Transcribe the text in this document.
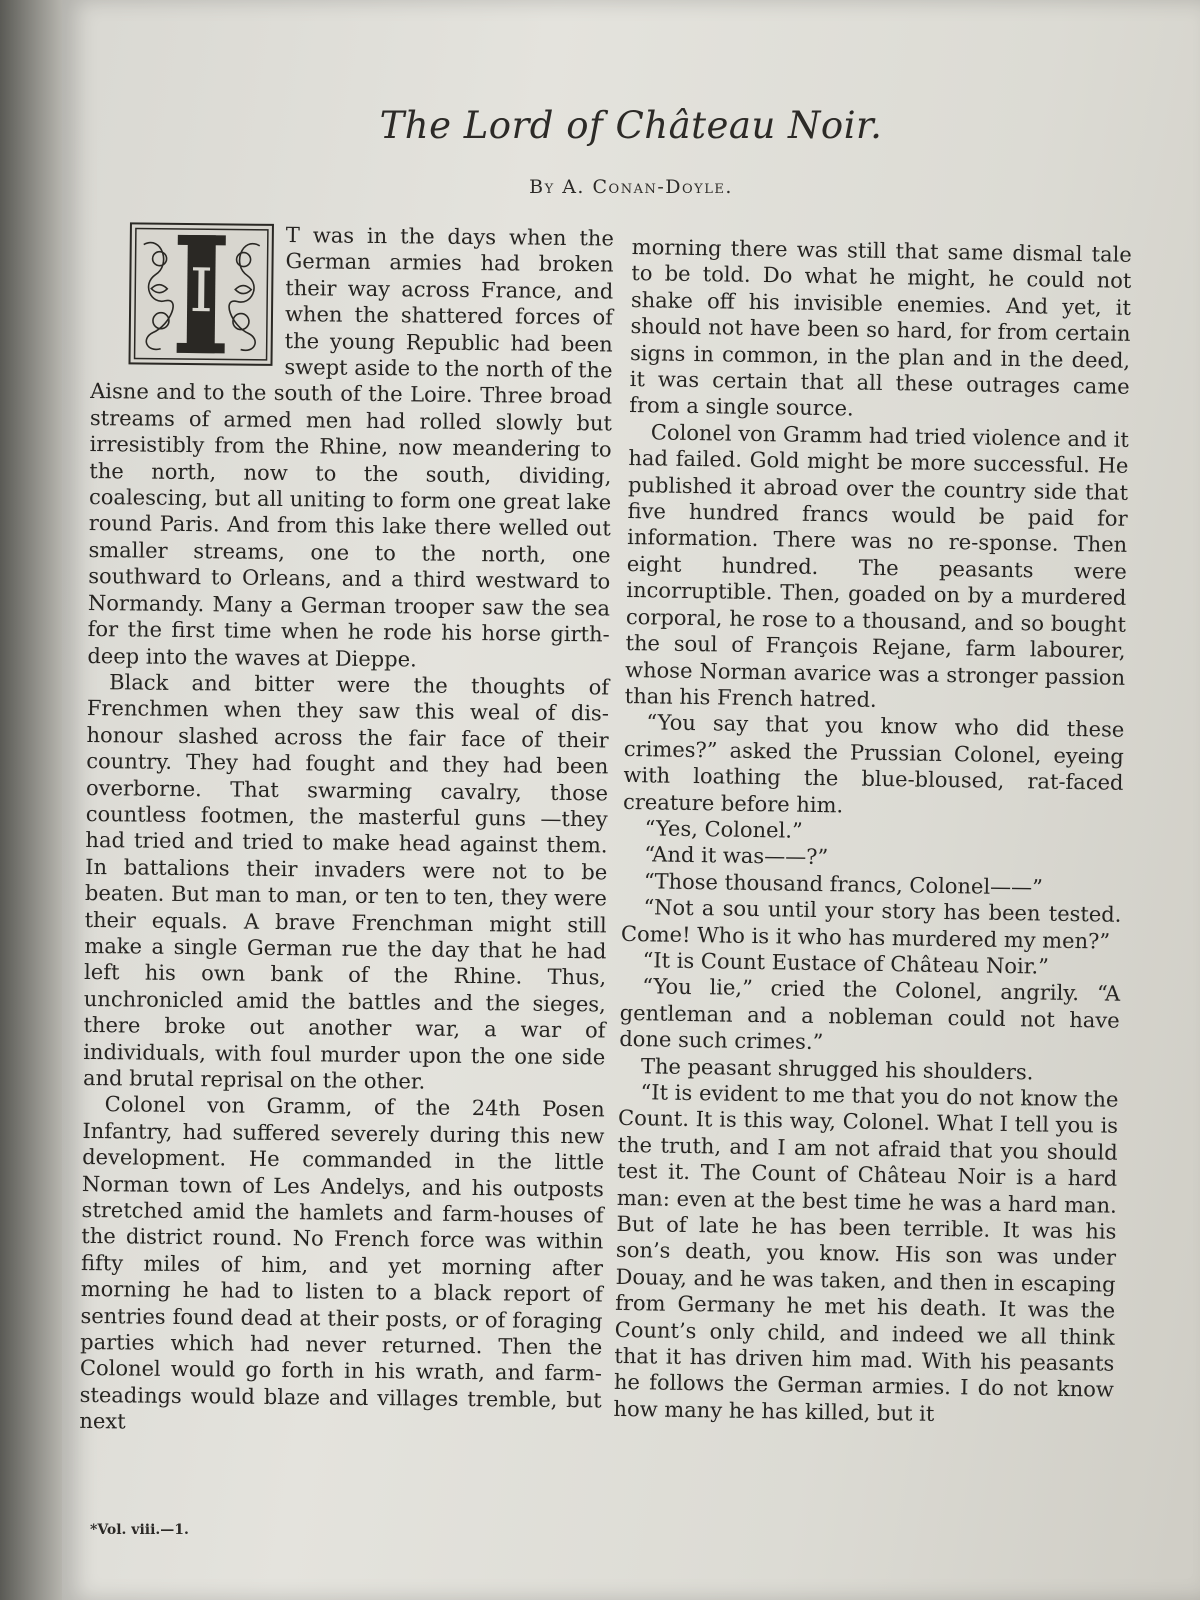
The Lord of Château Noir.
By A. Conan-Doyle.

I
T was in the days when the German armies had broken their way across France, and when the shattered forces of the young Republic had been swept aside to the north of the Aisne and to the south of the Loire. Three broad streams of armed men had rolled slowly but irresistibly from the Rhine, now meandering to the north, now to the south, dividing, coalescing, but all uniting to form one great lake round Paris. And from this lake there welled out smaller streams, one to the north, one southward to Orleans, and a third westward to Normandy. Many a German trooper saw the sea for the first time when he rode his horse girth-deep into the waves at Dieppe.

Black and bitter were the thoughts of Frenchmen when they saw this weal of dis-honour slashed across the fair face of their country. They had fought and they had been overborne. That swarming cavalry, those countless footmen, the masterful guns —they had tried and tried to make head against them. In battalions their invaders were not to be beaten. But man to man, or ten to ten, they were their equals. A brave Frenchman might still make a single German rue the day that he had left his own bank of the Rhine. Thus, unchronicled amid the battles and the sieges, there broke out another war, a war of individuals, with foul murder upon the one side and brutal reprisal on the other.

Colonel von Gramm, of the 24th Posen Infantry, had suffered severely during this new development. He commanded in the little Norman town of Les Andelys, and his outposts stretched amid the hamlets and farm-houses of the district round. No French force was within fifty miles of him, and yet morning after morning he had to listen to a black report of sentries found dead at their posts, or of foraging parties which had never returned. Then the Colonel would go forth in his wrath, and farm-steadings would blaze and villages tremble, but next

morning there was still that same dismal tale to be told. Do what he might, he could not shake off his invisible enemies. And yet, it should not have been so hard, for from certain signs in common, in the plan and in the deed, it was certain that all these outrages came from a single source.

Colonel von Gramm had tried violence and it had failed. Gold might be more successful. He published it abroad over the country side that five hundred francs would be paid for information. There was no re-sponse. Then eight hundred. The peasants were incorruptible. Then, goaded on by a murdered corporal, he rose to a thousand, and so bought the soul of François Rejane, farm labourer, whose Norman avarice was a stronger passion than his French hatred.

“You say that you know who did these crimes?” asked the Prussian Colonel, eyeing with loathing the blue-bloused, rat-faced creature before him.

“Yes, Colonel.”

“And it was——?”

“Those thousand francs, Colonel——”

“Not a sou until your story has been tested. Come! Who is it who has murdered my men?”

“It is Count Eustace of Château Noir.”

“You lie,” cried the Colonel, angrily. “A gentleman and a nobleman could not have done such crimes.”

The peasant shrugged his shoulders.

“It is evident to me that you do not know the Count. It is this way, Colonel. What I tell you is the truth, and I am not afraid that you should test it. The Count of Château Noir is a hard man: even at the best time he was a hard man. But of late he has been terrible. It was his son’s death, you know. His son was under Douay, and he was taken, and then in escaping from Germany he met his death. It was the Count’s only child, and indeed we all think that it has driven him mad. With his peasants he follows the German armies. I do not know how many he has killed, but it

*Vol. viii.—1.
